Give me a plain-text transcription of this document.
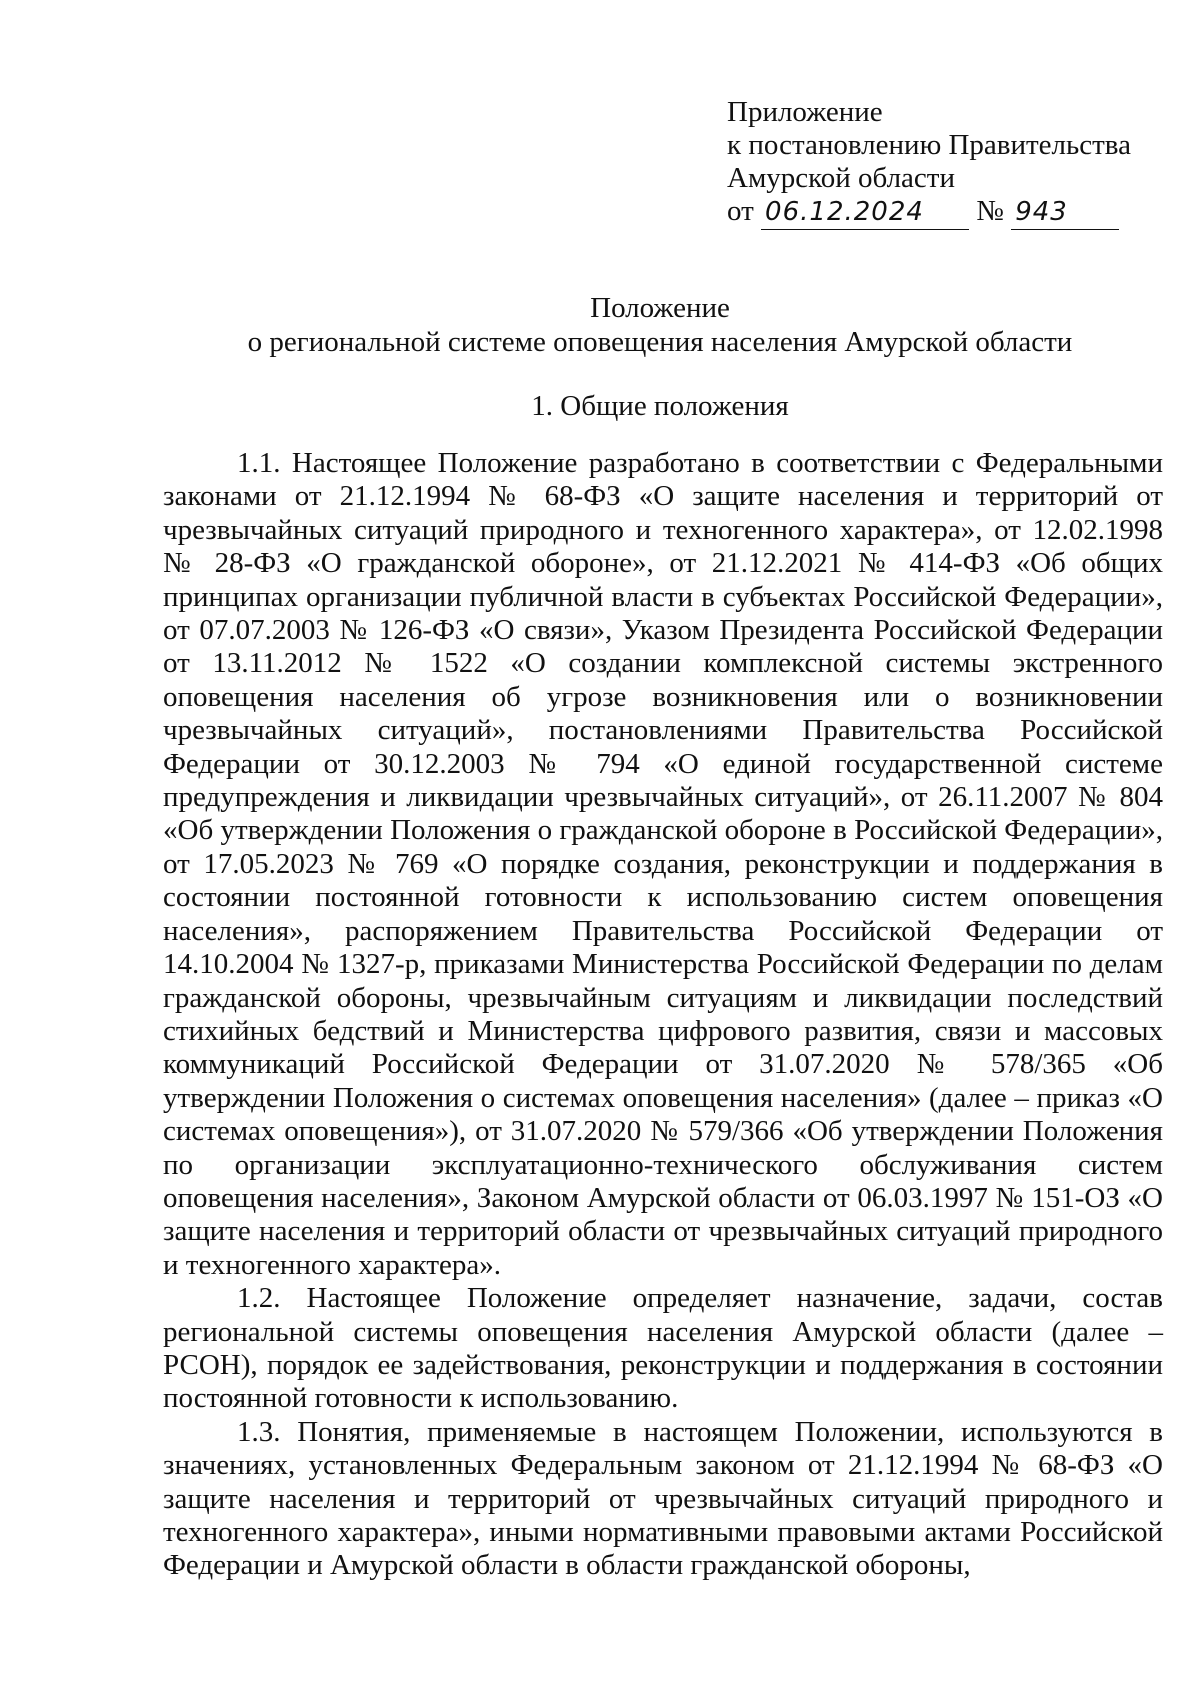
Приложение
к постановлению Правительства
Амурской области
от 06.12.2024 № 943
Положение
о региональной системе оповещения населения Амурской области
1. Общие положения

1.1. Настоящее Положение разработано в соответствии с Федеральными законами от 21.12.1994 № 68-ФЗ «О защите населения и территорий от чрезвычайных ситуаций природного и техногенного характера», от 12.02.1998 № 28-ФЗ «О гражданской обороне», от 21.12.2021 № 414-ФЗ «Об общих принципах организации публичной власти в субъектах Российской Федерации», от 07.07.2003 № 126-ФЗ «О связи», Указом Президента Российской Федерации от 13.11.2012 № 1522 «О создании комплексной системы экстренного оповещения населения об угрозе возникновения или о возникновении чрезвычайных ситуаций», постановлениями Правительства Российской Федерации от 30.12.2003 № 794 «О единой государственной системе предупреждения и ликвидации чрезвычайных ситуаций», от 26.11.2007 № 804 «Об утверждении Положения о гражданской обороне в Российской Федерации», от 17.05.2023 № 769 «О порядке создания, реконструкции и поддержания в состоянии постоянной готовности к использованию систем оповещения населения», распоряжением Правительства Российской Федерации от 14.10.2004 № 1327-р, приказами Министерства Российской Федерации по делам гражданской обороны, чрезвычайным ситуациям и ликвидации последствий стихийных бедствий и Министерства цифрового развития, связи и массовых коммуникаций Российской Федерации от 31.07.2020 № 578/365 «Об утверждении Положения о системах оповещения населения» (далее – приказ «О системах оповещения»), от 31.07.2020 № 579/366 «Об утверждении Положения по организации эксплуатационно-технического обслуживания систем оповещения населения», Законом Амурской области от 06.03.1997 № 151-ОЗ «О защите населения и территорий области от чрезвычайных ситуаций природного и техногенного характера».

1.2. Настоящее Положение определяет назначение, задачи, состав региональной системы оповещения населения Амурской области (далее – РСОН), порядок ее задействования, реконструкции и поддержания в состоянии постоянной готовности к использованию.

1.3. Понятия, применяемые в настоящем Положении, используются в значениях, установленных Федеральным законом от 21.12.1994 № 68-ФЗ «О защите населения и территорий от чрезвычайных ситуаций природного и техногенного характера», иными нормативными правовыми актами Российской Федерации и Амурской области в области гражданской обороны,
